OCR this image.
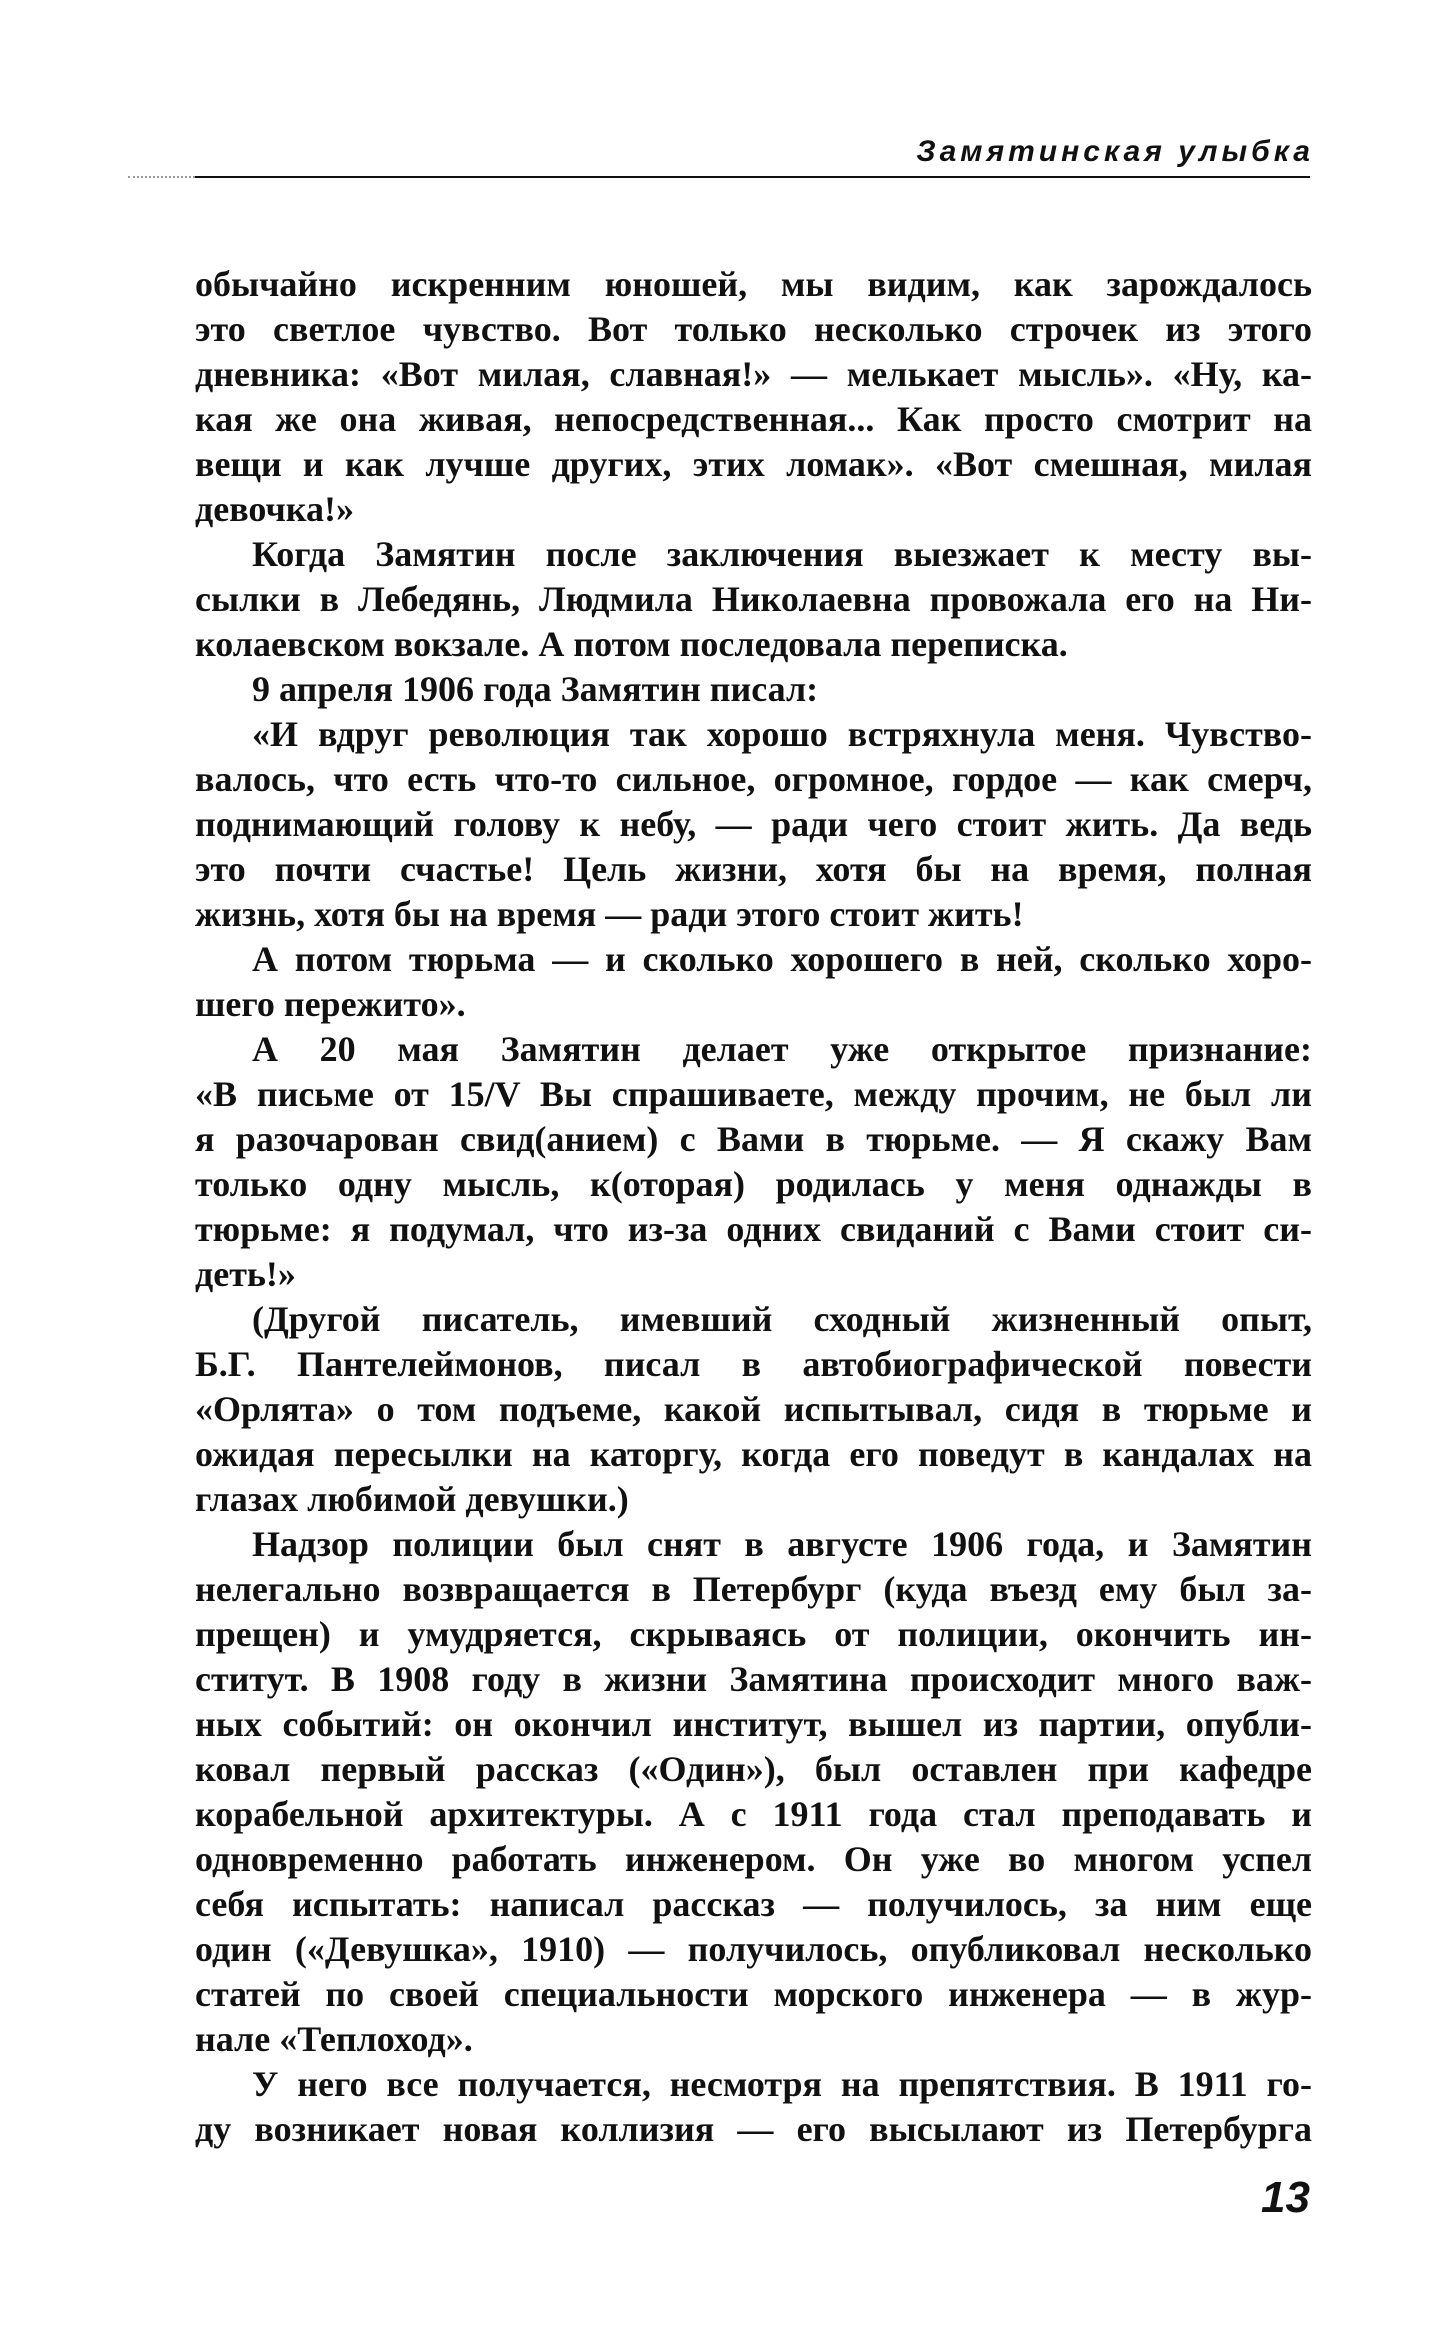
Замятинская улыбка
обычайно искренним юношей, мы видим, как зарождалось
это светлое чувство. Вот только несколько строчек из этого
дневника: «Вот милая, славная!» — мелькает мысль». «Ну, ка-
кая же она живая, непосредственная... Как просто смотрит на
вещи и как лучше других, этих ломак». «Вот смешная, милая
девочка!»
Когда Замятин после заключения выезжает к месту вы-
сылки в Лебедянь, Людмила Николаевна провожала его на Ни-
колаевском вокзале. А потом последовала переписка.
9 апреля 1906 года Замятин писал:
«И вдруг революция так хорошо встряхнула меня. Чувство-
валось, что есть что-то сильное, огромное, гордое — как смерч,
поднимающий голову к небу, — ради чего стоит жить. Да ведь
это почти счастье! Цель жизни, хотя бы на время, полная
жизнь, хотя бы на время — ради этого стоит жить!
А потом тюрьма — и сколько хорошего в ней, сколько хоро-
шего пережито».
А 20 мая Замятин делает уже открытое признание:
«В письме от 15/V Вы спрашиваете, между прочим, не был ли
я разочарован свид(анием) с Вами в тюрьме. — Я скажу Вам
только одну мысль, к(оторая) родилась у меня однажды в
тюрьме: я подумал, что из-за одних свиданий с Вами стоит си-
деть!»
(Другой писатель, имевший сходный жизненный опыт,
Б.Г. Пантелеймонов, писал в автобиографической повести
«Орлята» о том подъеме, какой испытывал, сидя в тюрьме и
ожидая пересылки на каторгу, когда его поведут в кандалах на
глазах любимой девушки.)
Надзор полиции был снят в августе 1906 года, и Замятин
нелегально возвращается в Петербург (куда въезд ему был за-
прещен) и умудряется, скрываясь от полиции, окончить ин-
ститут. В 1908 году в жизни Замятина происходит много важ-
ных событий: он окончил институт, вышел из партии, опубли-
ковал первый рассказ («Один»), был оставлен при кафедре
корабельной архитектуры. А с 1911 года стал преподавать и
одновременно работать инженером. Он уже во многом успел
себя испытать: написал рассказ — получилось, за ним еще
один («Девушка», 1910) — получилось, опубликовал несколько
статей по своей специальности морского инженера — в жур-
нале «Теплоход».
У него все получается, несмотря на препятствия. В 1911 го-
ду возникает новая коллизия — его высылают из Петербурга
13
